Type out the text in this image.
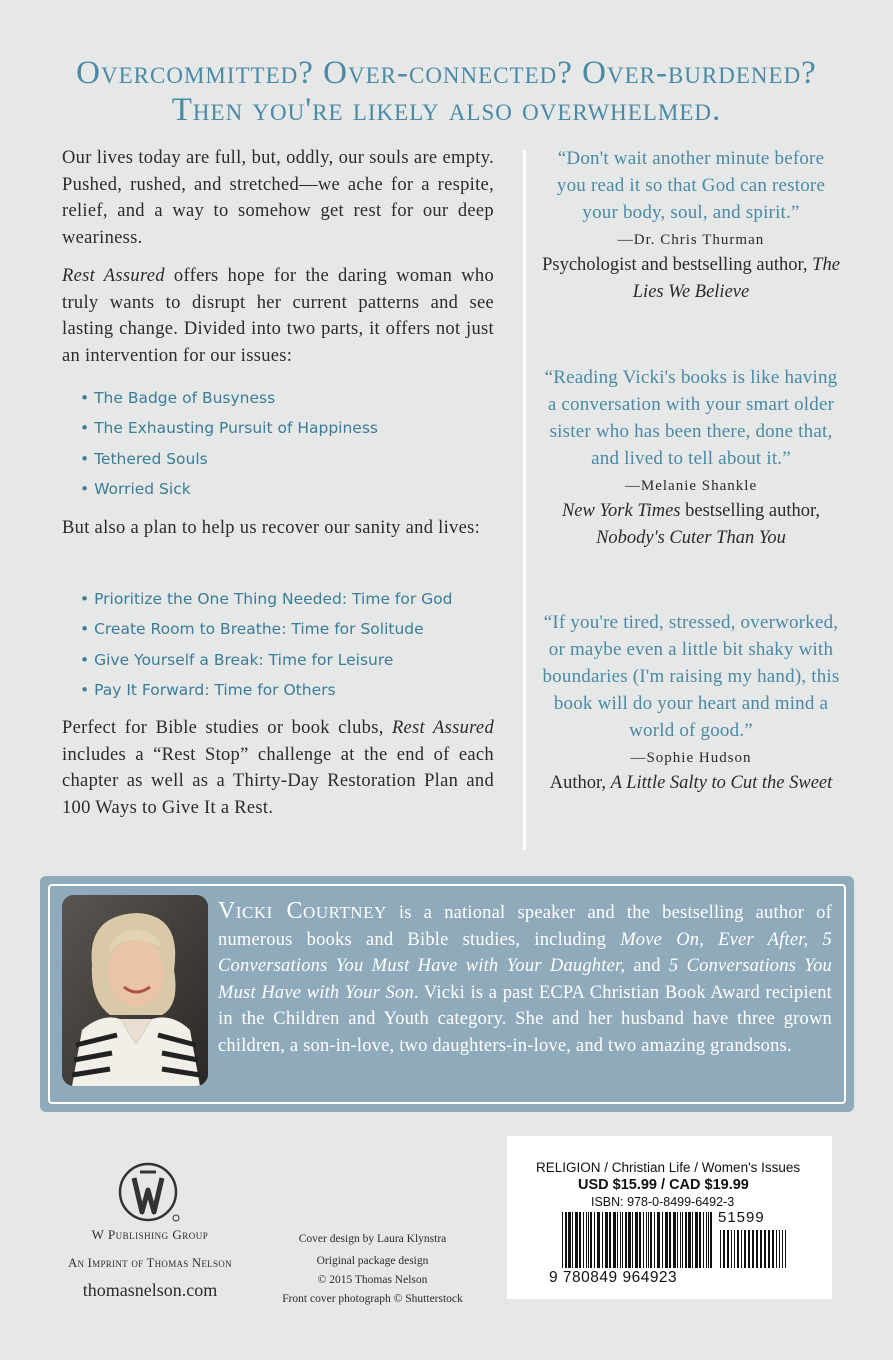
Overcommitted? Over-connected? Over-burdened?
Then you're likely also overwhelmed.
Our lives today are full, but, oddly, our souls are empty. Pushed, rushed, and stretched—we ache for a respite, relief, and a way to somehow get rest for our deep weariness.
Rest Assured offers hope for the daring woman who truly wants to disrupt her current patterns and see lasting change. Divided into two parts, it offers not just an intervention for our issues:
• The Badge of Busyness
• The Exhausting Pursuit of Happiness
• Tethered Souls
• Worried Sick
But also a plan to help us recover our sanity and lives:
• Prioritize the One Thing Needed: Time for God
• Create Room to Breathe: Time for Solitude
• Give Yourself a Break: Time for Leisure
• Pay It Forward: Time for Others
Perfect for Bible studies or book clubs, Rest Assured includes a “Rest Stop” challenge at the end of each chapter as well as a Thirty-Day Restoration Plan and 100 Ways to Give It a Rest.
“Don't wait another minute before you read it so that God can restore your body, soul, and spirit.”
—Dr. Chris Thurman
Psychologist and bestselling author, The Lies We Believe
“Reading Vicki's books is like having a conversation with your smart older sister who has been there, done that, and lived to tell about it.”
—Melanie Shankle
New York Times bestselling author, Nobody's Cuter Than You
“If you're tired, stressed, overworked, or maybe even a little bit shaky with boundaries (I'm raising my hand), this book will do your heart and mind a world of good.”
—Sophie Hudson
Author, A Little Salty to Cut the Sweet
Vicki Courtney is a national speaker and the bestselling author of numerous books and Bible studies, including Move On, Ever After, 5 Conversations You Must Have with Your Daughter, and 5 Conversations You Must Have with Your Son. Vicki is a past ECPA Christian Book Award recipient in the Children and Youth category. She and her husband have three grown children, a son-in-love, two daughters-in-love, and two amazing grandsons.
W Publishing Group
An Imprint of Thomas Nelson
thomasnelson.com
Cover design by Laura Klynstra
Original package design
© 2015 Thomas Nelson
Front cover photograph © Shutterstock
RELIGION / Christian Life / Women's Issues
USD $15.99 / CAD $19.99
ISBN: 978-0-8499-6492-3
51599
9 780849 964923
